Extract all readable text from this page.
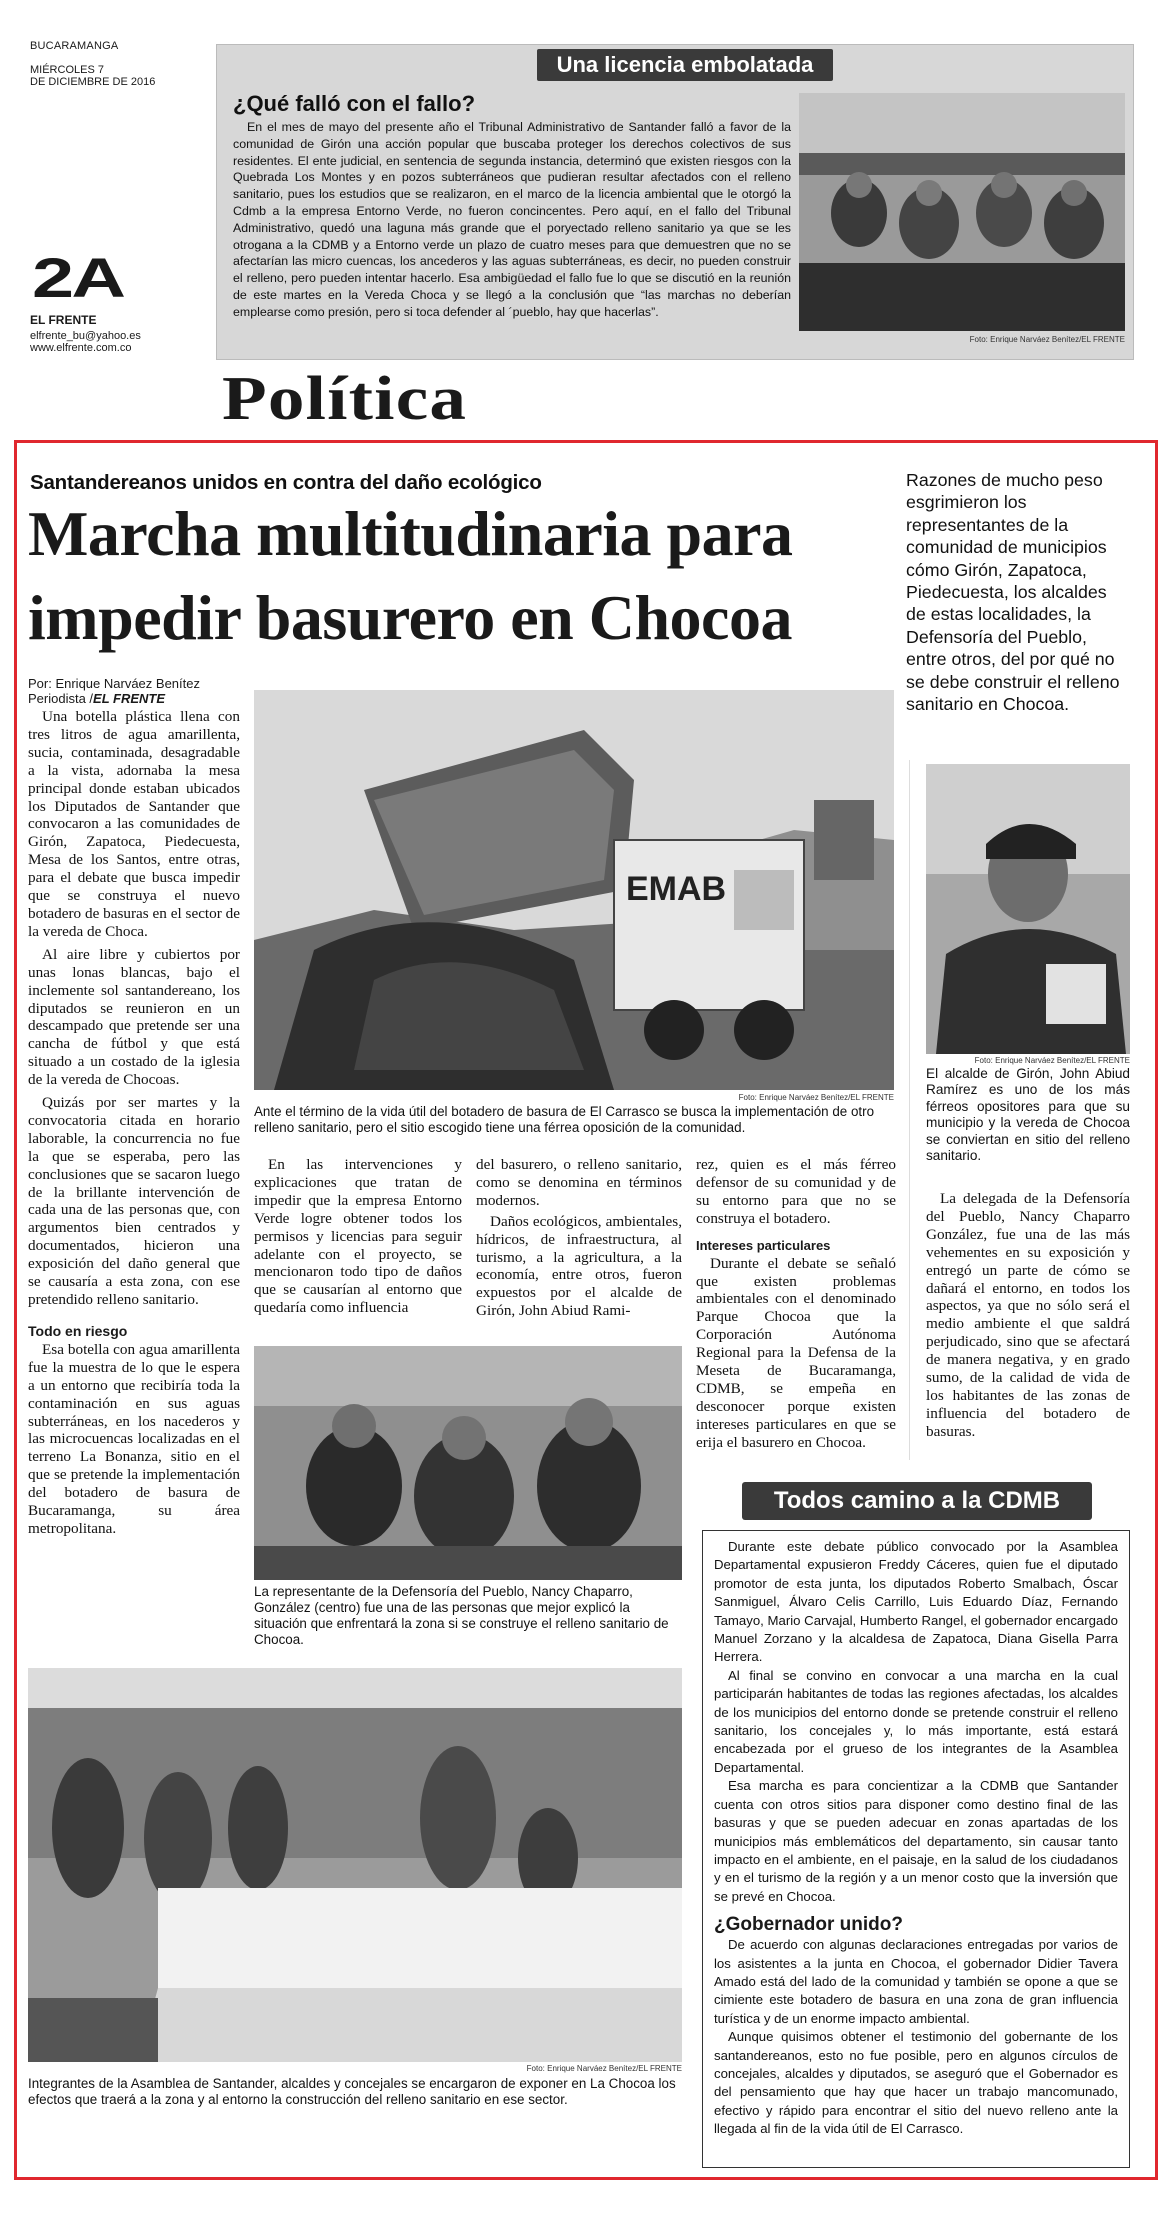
BUCARAMANGA
MIÉRCOLES 7
DE DICIEMBRE DE 2016
2A
EL FRENTE
elfrente_bu@yahoo.es
www.elfrente.com.co
Una licencia embolatada
¿Qué falló con el fallo?

En el mes de mayo del presente año el Tribunal Administrativo de Santander falló a favor de la comunidad de Girón una acción popular que buscaba proteger los derechos colectivos de sus residentes. El ente judicial, en sentencia de segunda instancia, determinó que existen riesgos con la Quebrada Los Montes y en pozos subterráneos que pudieran resultar afectados con el relleno sanitario, pues los estudios que se realizaron, en el marco de la licencia ambiental que le otorgó la Cdmb a la empresa Entorno Verde, no fueron concincentes. Pero aquí, en el fallo del Tribunal Administrativo, quedó una laguna más grande que el poryectado relleno sanitario ya que se les otrogana a la CDMB y a Entorno verde un plazo de cuatro meses para que demuestren que no se afectarían las micro cuencas, los ancederos y las aguas subterráneas, es decir, no pueden construir el relleno, pero pueden intentar hacerlo. Esa ambigüedad el fallo fue lo que se discutió en la reunión de este martes en la Vereda Choca y se llegó a la conclusión que “las marchas no deberían emplearse como presión, pero si toca defender al ´pueblo, hay que hacerlas”.

Foto: Enrique Narváez Benítez/EL FRENTE
Política
Santandereanos unidos en contra del daño ecológico
Marcha multitudinaria para
impedir basurero en Chocoa

Razones de mucho peso esgrimieron los representantes de la comunidad de municipios cómo Girón, Zapatoca, Piedecuesta, los alcaldes de estas localidades, la Defensoría del Pueblo, entre otros, del por qué no se debe construir el relleno sanitario en Chocoa.

Por: Enrique Narváez Benítez
Periodista /EL FRENTE

Una botella plástica llena con tres litros de agua amarillenta, sucia, contaminada, desagradable a la vista, adornaba la mesa principal donde estaban ubicados los Diputados de Santander que convocaron a las comunidades de Girón, Zapatoca, Piedecuesta, Mesa de los Santos, entre otras, para el debate que busca impedir que se construya el nuevo botadero de basuras en el sector de la vereda de Choca.

Al aire libre y cubiertos por unas lonas blancas, bajo el inclemente sol santandereano, los diputados se reunieron en un descampado que pretende ser una cancha de fútbol y que está situado a un costado de la iglesia de la vereda de Chocoas.

Quizás por ser martes y la convocatoria citada en horario laborable, la concurrencia no fue la que se esperaba, pero las conclusiones que se sacaron luego de la brillante intervención de cada una de las personas que, con argumentos bien centrados y documentados, hicieron una exposición del daño general que se causaría a esta zona, con ese pretendido relleno sanitario.

Todo en riesgo

Esa botella con agua amarillenta fue la muestra de lo que le espera a un entorno que recibiría toda la contaminación en sus aguas subterráneas, en los nacederos y las microcuencas localizadas en el terreno La Bonanza, sitio en el que se pretende la implementación del botadero de basura de Bucaramanga, su área metropolitana.

EMAB
Foto: Enrique Narváez Benítez/EL FRENTE

Ante el término de la vida útil del botadero de basura de El Carrasco se busca la implementación de otro relleno sanitario, pero el sitio escogido tiene una férrea oposición de la comunidad.

En las intervenciones y explicaciones que tratan de impedir que la empresa Entorno Verde logre obtener todos los permisos y licencias para seguir adelante con el proyecto, se mencionaron todo tipo de daños que se causarían al entorno que quedaría como influencia

del basurero, o relleno sanitario, como se denomina en términos modernos.

Daños ecológicos, ambientales, hídricos, de infraestructura, al turismo, a la agricultura, a la economía, entre otros, fueron expuestos por el alcalde de Girón, John Abiud Rami-

rez, quien es el más férreo defensor de su comunidad y de su entorno para que no se construya el botadero.

Intereses particulares

Durante el debate se señaló que existen problemas ambientales con el denominado Parque Chocoa que la Corporación Autónoma Regional para la Defensa de la Meseta de Bucaramanga, CDMB, se empeña en desconocer porque existen intereses particulares en que se erija el basurero en Chocoa.

Foto: Enrique Narváez Benítez/EL FRENTE

El alcalde de Girón, John Abiud Ramírez es uno de los más férreos opositores para que su municipio y la vereda de Chocoa se conviertan en sitio del relleno sanitario.

La delegada de la Defensoría del Pueblo, Nancy Chaparro González, fue una de las más vehementes en su exposición y entregó un parte de cómo se dañará el entorno, en todos los aspectos, ya que no sólo será el medio ambiente el que saldrá perjudicado, sino que se afectará de manera negativa, y en grado sumo, de la calidad de vida de los habitantes de las zonas de influencia del botadero de basuras.

La representante de la Defensoría del Pueblo, Nancy Chaparro, González (centro) fue una de las personas que mejor explicó la situación que enfrentará la zona si se construye el relleno sanitario de Chocoa.

Foto: Enrique Narváez Benítez/EL FRENTE

Integrantes de la Asamblea de Santander, alcaldes y concejales se encargaron de exponer en La Chocoa los efectos que traerá a la zona y al entorno la construcción del relleno sanitario en ese sector.

Todos camino a la CDMB

Durante este debate público convocado por la Asamblea Departamental expusieron Freddy Cáceres, quien fue el diputado promotor de esta junta, los diputados Roberto Smalbach, Óscar Sanmiguel, Álvaro Celis Carrillo, Luis Eduardo Díaz, Fernando Tamayo, Mario Carvajal, Humberto Rangel, el gobernador encargado Manuel Zorzano y la alcaldesa de Zapatoca, Diana Gisella Parra Herrera.

Al final se convino en convocar a una marcha en la cual participarán habitantes de todas las regiones afectadas, los alcaldes de los municipios del entorno donde se pretende construir el relleno sanitario, los concejales y, lo más importante, está estará encabezada por el grueso de los integrantes de la Asamblea Departamental.

Esa marcha es para concientizar a la CDMB que Santander cuenta con otros sitios para disponer como destino final de las basuras y que se pueden adecuar en zonas apartadas de los municipios más emblemáticos del departamento, sin causar tanto impacto en el ambiente, en el paisaje, en la salud de los ciudadanos y en el turismo de la región y a un menor costo que la inversión que se prevé en Chocoa.

¿Gobernador unido?

De acuerdo con algunas declaraciones entregadas por varios de los asistentes a la junta en Chocoa, el gobernador Didier Tavera Amado está del lado de la comunidad y también se opone a que se cimiente este botadero de basura en una zona de gran influencia turística y de un enorme impacto ambiental.

Aunque quisimos obtener el testimonio del gobernante de los santandereanos, esto no fue posible, pero en algunos círculos de concejales, alcaldes y diputados, se aseguró que el Gobernador es del pensamiento que hay que hacer un trabajo mancomunado, efectivo y rápido para encontrar el sitio del nuevo relleno ante la llegada al fin de la vida útil de El Carrasco.
